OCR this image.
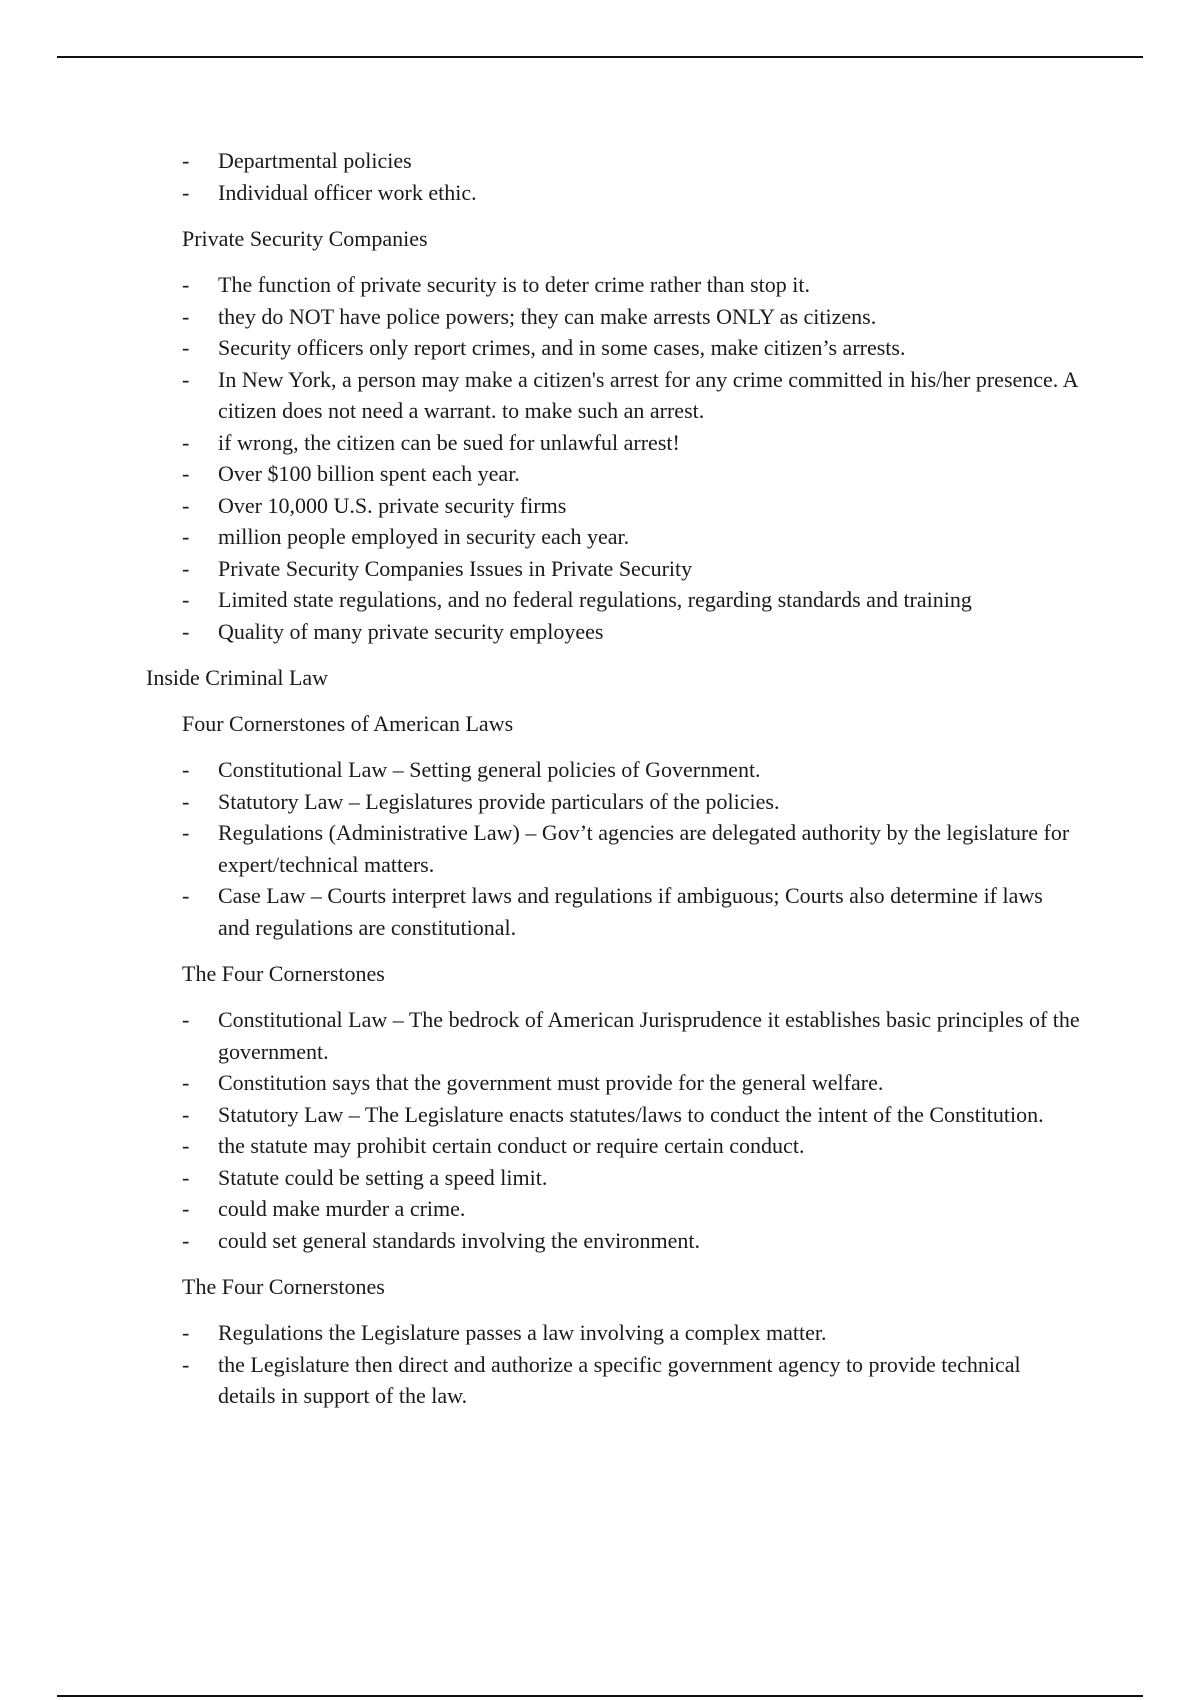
- Departmental policies
- Individual officer work ethic.

Private Security Companies

- The function of private security is to deter crime rather than stop it.
- they do NOT have police powers; they can make arrests ONLY as citizens.
- Security officers only report crimes, and in some cases, make citizen’s arrests.
- In New York, a person may make a citizen's arrest for any crime committed in his/her presence. A citizen does not need a warrant. to make such an arrest.
- if wrong, the citizen can be sued for unlawful arrest!
- Over $100 billion spent each year.
- Over 10,000 U.S. private security firms
- million people employed in security each year.
- Private Security Companies Issues in Private Security
- Limited state regulations, and no federal regulations, regarding standards and training
- Quality of many private security employees

Inside Criminal Law

Four Cornerstones of American Laws

- Constitutional Law – Setting general policies of Government.
- Statutory Law – Legislatures provide particulars of the policies.
- Regulations (Administrative Law) – Gov’t agencies are delegated authority by the legislature for expert/technical matters.
- Case Law – Courts interpret laws and regulations if ambiguous; Courts also determine if laws and regulations are constitutional.

The Four Cornerstones

- Constitutional Law – The bedrock of American Jurisprudence it establishes basic principles of the government.
- Constitution says that the government must provide for the general welfare.
- Statutory Law – The Legislature enacts statutes/laws to conduct the intent of the Constitution.
- the statute may prohibit certain conduct or require certain conduct.
- Statute could be setting a speed limit.
- could make murder a crime.
- could set general standards involving the environment.

The Four Cornerstones

- Regulations the Legislature passes a law involving a complex matter.
- the Legislature then direct and authorize a specific government agency to provide technical details in support of the law.
